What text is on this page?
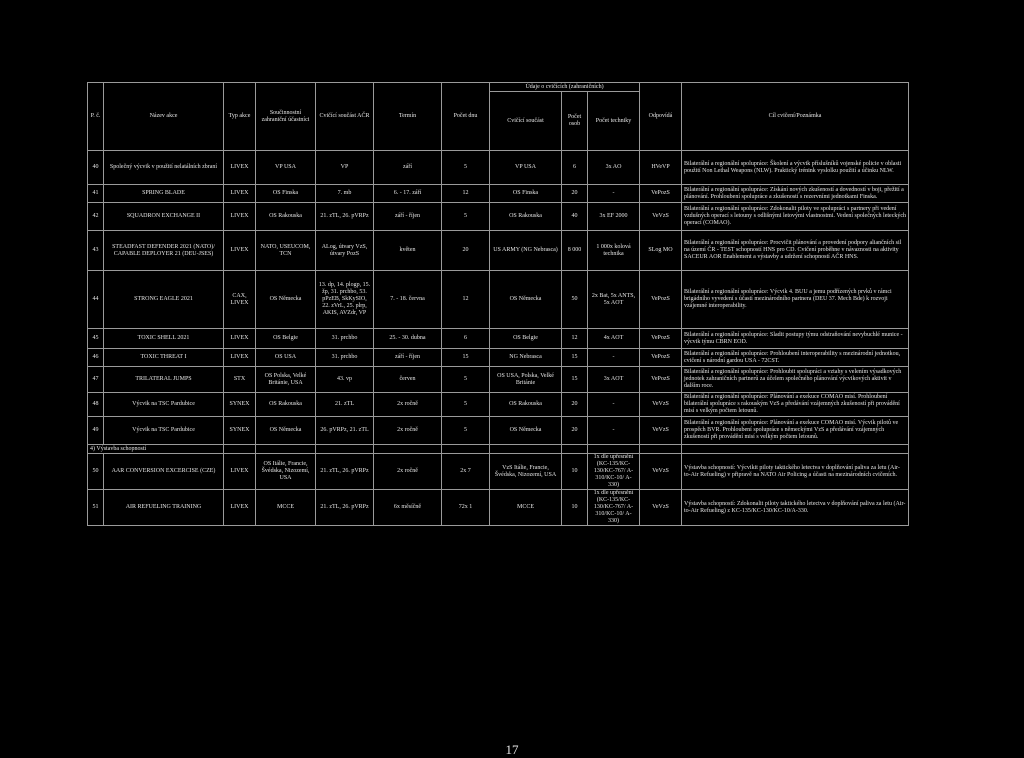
P. č.	Název akce	Typ akce	Součinnostní zahraniční účastníci	Cvičící součást AČR	Termín	Počet dnu	Údaje o cvičících (zahraničních)			Odpovídá	Cíl cvičení/Poznámka
							Cvičící součást	Počet osob	Počet techniky		
40	Společný výcvik v použití nelatálních zbraní	LIVEX	VP USA	VP	září	5	VP USA	6	3x AO	HVeVP	Bilaterální a regionální spolupráce: Školení a výcvik příslušníků vojenské policie v oblasti použití Non Lethal Weapons (NLW). Praktický trénink vyslolku použití a účinku NLW.
41	SPRING BLADE	LIVEX	OS Finska	7. mb	6. - 17. září	12	OS Finska	20	-	VePozS	Bilaterální a regionální spolupráce: Získání nových zkušeností a dovedností v boji, přežití a plánování. Prohloubení spolupráce a zkušeností s rezervními jednotkami Finska.
42	SQUADRON EXCHANGE II	LIVEX	OS Rakouska	21. zTL, 26. pVRPz	září - říjen	5	OS Rakouska	40	3x EF 2000	VeVzS	Bilaterální a regionální spolupráce: Zdokonalit piloty ve spolupráci s partnery při vedení vzdušných operací s letouny s odlišnými letovými vlastnostmi. Vedení společných leteckých operací (COMAO).
43	STEADFAST DEFENDER 2021 (NATO)/ CAPABLE DEPLOYER 21 (DEU-JSES)	LIVEX	NATO, USEUCOM, TCN	ALog, útvary VzS, útvary PozS	květen	20	US ARMY (NG Nebrasca)	8 000	1 000x kolová technika	SLog MO	Bilaterální a regionální spolupráce: Procvičit plánování a provedení podpory aliančních sil na území ČR - TEST schopností HNS pro CD. Cvičení proběhne v návaznosti na aktivity SACEUR AOR Enablement a výstavby a udržení schopností AČR HNS.
44	STRONG EAGLE 2021	CAX, LIVEX	OS Německa	13. dp, 14. plogp, 15. žp, 31. prchbo, 53. pPzEB, SkKySIO, 22. zVrL, 25. plrp, AKIS, AVZdr, VP	7. - 18. června	12	OS Německa	50	2x Bat, 5x ANTS, 5x AOT	VePozS	Bilaterální a regionální spolupráce: Výcvik 4. BUU a jemu podřízených prvků v rámci brigádního vyvedení s účastí mezinárodního partnera (DEU 37. Mech Bde) k rozvoji vzájemné interoperability.
45	TOXIC SHELL 2021	LIVEX	OS Belgie	31. prchbo	25. - 30. dubna	6	OS Belgie	12	4x AOT	VePozS	Bilaterální a regionální spolupráce: Sladit postupy týmu odstraňování nevybuchlé munice - výcvik týmu CBRN EOD.
46	TOXIC THREAT I	LIVEX	OS USA	31. prchbo	září - říjen	15	NG Nebrasca	15	-	VePozS	Bilaterální a regionální spolupráce: Prohloubení interoperability s mezinárodní jednotkou, cvičení s národní gardou USA - 72CST.
47	TRILATERAL JUMPS	STX	OS Polska, Velké Británie, USA	43. vp	červen	5	OS USA, Polska, Velké Británie	15	3x AOT	VePozS	Bilaterální a regionální spolupráce: Prohloubit spolupráci a vztahy s velením výsadkových jednotek zahraničních partnerů za účelem společného plánování výcvikových aktivit v dalším roce.
48	Výcvik na TSC Pardubice	SYNEX	OS Rakouska	21. zTL	2x ročně	5	OS Rakouska	20	-	VeVzS	Bilaterální a regionální spolupráce: Plánování a exekuce COMAO misí. Prohloubení bilaterální spolupráce s rakouským VzS a předávání vzájemných zkušeností při provádění misí s velkým počtem letounů.
49	Výcvik na TSC Pardubice	SYNEX	OS Německa	26. pVRPz, 21. zTL	2x ročně	5	OS Německa	20	-	VeVzS	Bilaterální a regionální spolupráce: Plánování a exekuce COMAO misí. Výcvik pilotů ve prospěch BVR. Prohloubení spolupráce s německými VzS a předávání vzájemných zkušeností při provádění misí s velkým počtem letounů.
4) Výstavba schopností											
50	AAR CONVERSION EXCERCISE (CZE)	LIVEX	OS Itálie, Francie, Švédska, Nizozemí, USA	21. zTL, 26. pVRPz	2x ročně	2x 7	VzS Itálie, Francie, Švédska, Nizozemí, USA	10	1x dle upřesnění (KC-135/KC-130/KC-767/ A-310/KC-10/ A-330)	VeVzS	Výstavba schopností: Výcvikit piloty taktického letectva v doplňování paliva za letu (Air-to-Air Refueling) v připravě na NATO Air Policing a účasti na mezinárodních cvičeních.
51	AIR REFUELING TRAINING	LIVEX	MCCE	21. zTL, 26. pVRPz	6x měsíčně	72x 1	MCCE	10	1x dle upřesnění (KC-135/KC-130/KC-767/ A-310/KC-10/ A-330)	VeVzS	Výstavba schopností: Zdokonalit piloty taktického letectva v doplňování paliva za letu (Air-to-Air Refueling) z KC-135/KC-130/KC-10/A-330.
17
